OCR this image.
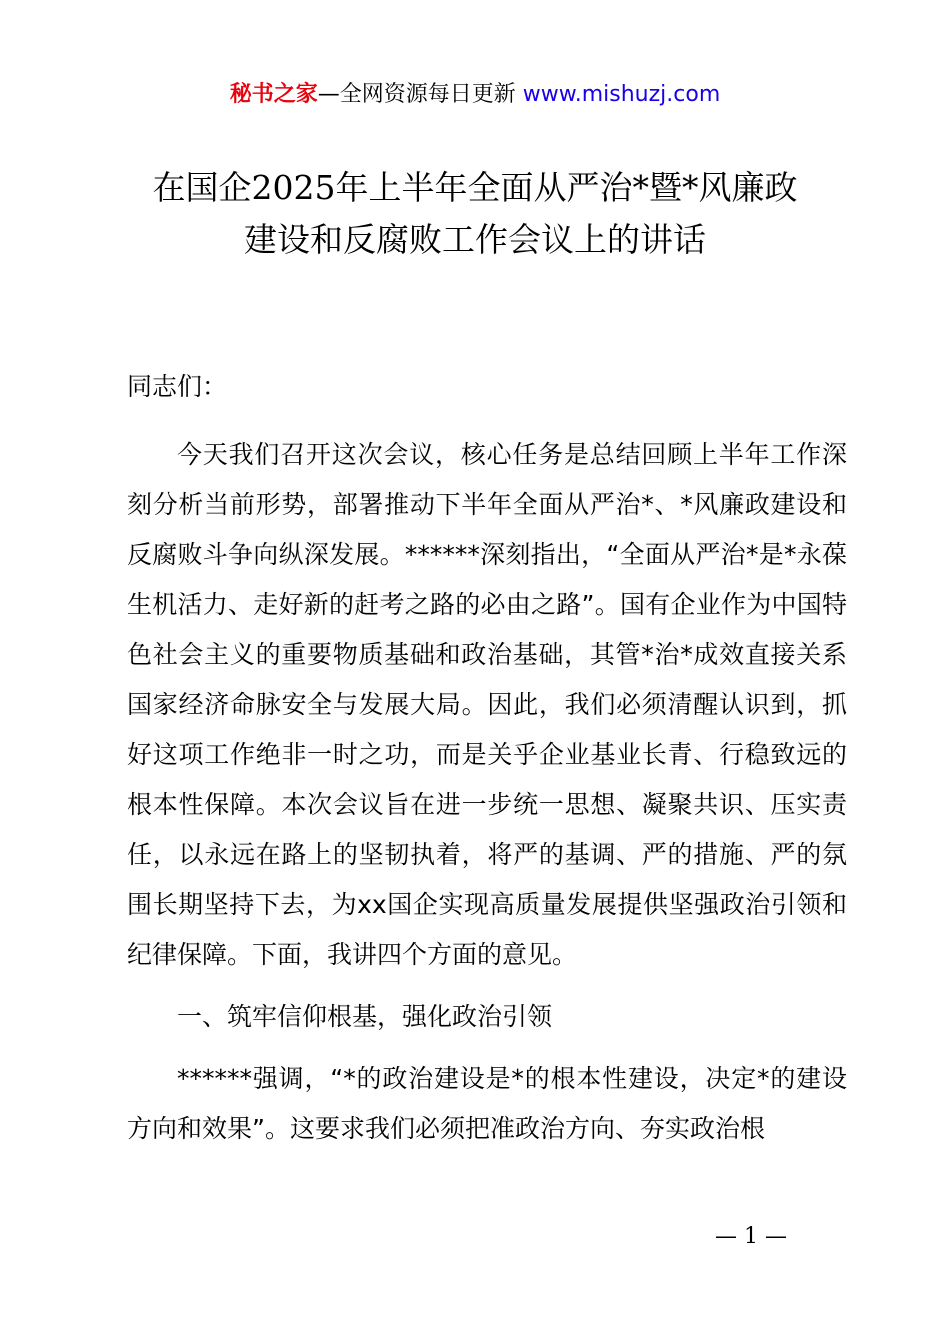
秘书之家—全网资源每日更新 www.mishuzj.com
在国企2025年上半年全面从严治*暨*风廉政
建设和反腐败工作会议上的讲话

同志们：

今天我们召开这次会议，核心任务是总结回顾上半年工作深刻分析当前形势，部署推动下半年全面从严治*、*风廉政建设和反腐败斗争向纵深发展。******深刻指出，“全面从严治*是*永葆生机活力、走好新的赶考之路的必由之路”。国有企业作为中国特色社会主义的重要物质基础和政治基础，其管*治*成效直接关系国家经济命脉安全与发展大局。因此，我们必须清醒认识到，抓好这项工作绝非一时之功，而是关乎企业基业长青、行稳致远的根本性保障。本次会议旨在进一步统一思想、凝聚共识、压实责任，以永远在路上的坚韧执着，将严的基调、严的措施、严的氛围长期坚持下去，为xx国企实现高质量发展提供坚强政治引领和纪律保障。下面，我讲四个方面的意见。

一、筑牢信仰根基，强化政治引领

******强调，“*的政治建设是*的根本性建设，决定*的建设方向和效果”。这要求我们必须把准政治方向、夯实政治根

— 1 —
